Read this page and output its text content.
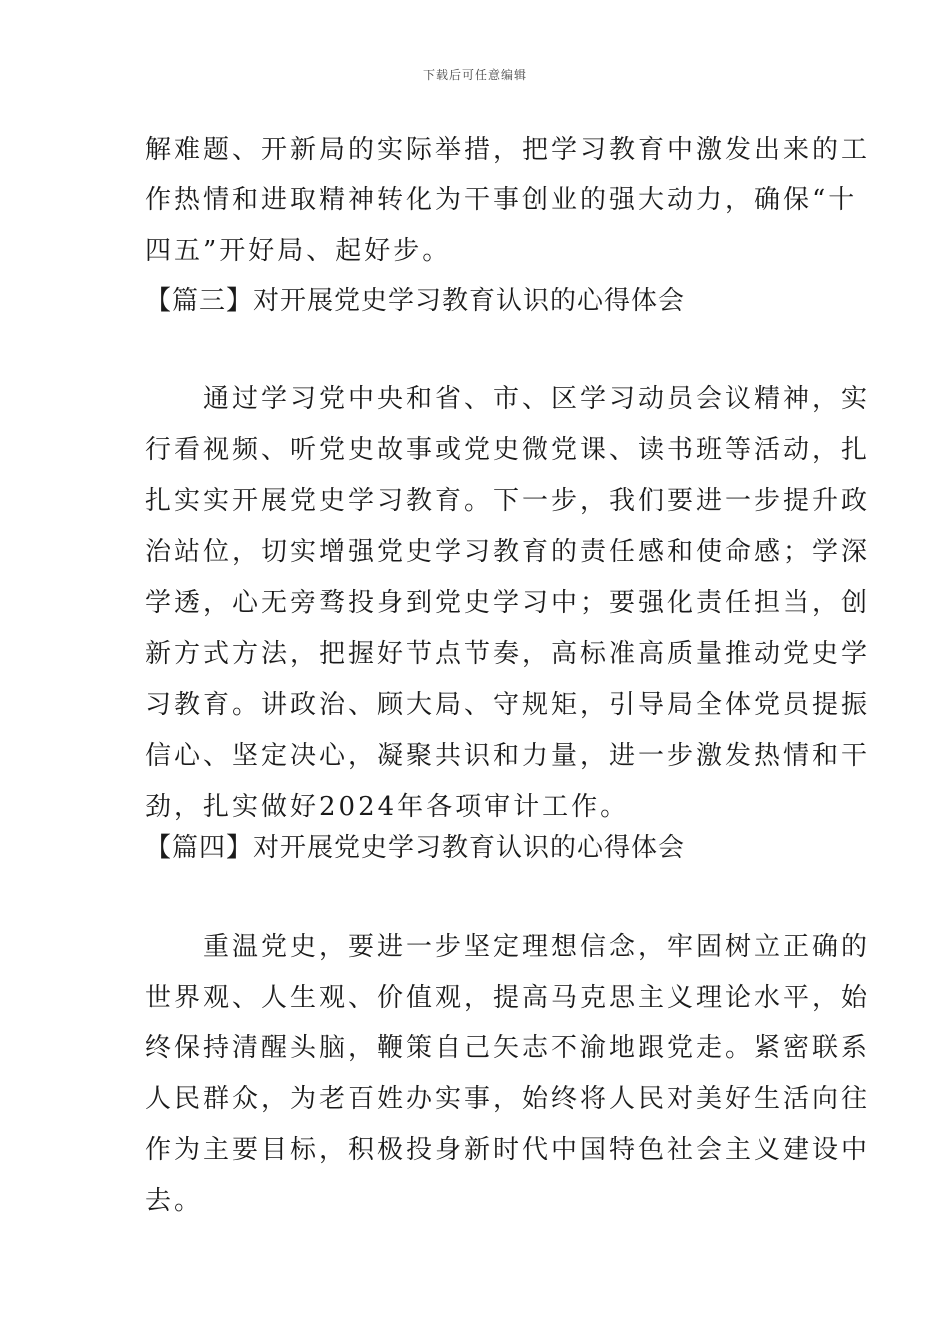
下载后可任意编辑
解难题、开新局的实际举措，把学习教育中激发出来的工
作热情和进取精神转化为干事创业的强大动力，确保“十
四五”开好局、起好步。
【篇三】对开展党史学习教育认识的心得体会
　　通过学习党中央和省、市、区学习动员会议精神，实
行看视频、听党史故事或党史微党课、读书班等活动，扎
扎实实开展党史学习教育。下一步，我们要进一步提升政
治站位，切实增强党史学习教育的责任感和使命感；学深
学透，心无旁骛投身到党史学习中；要强化责任担当，创
新方式方法，把握好节点节奏，高标准高质量推动党史学
习教育。讲政治、顾大局、守规矩，引导局全体党员提振
信心、坚定决心，凝聚共识和力量，进一步激发热情和干
劲，扎实做好2024年各项审计工作。
【篇四】对开展党史学习教育认识的心得体会
　　重温党史，要进一步坚定理想信念，牢固树立正确的
世界观、人生观、价值观，提高马克思主义理论水平，始
终保持清醒头脑，鞭策自己矢志不渝地跟党走。紧密联系
人民群众，为老百姓办实事，始终将人民对美好生活向往
作为主要目标，积极投身新时代中国特色社会主义建设中
去。
